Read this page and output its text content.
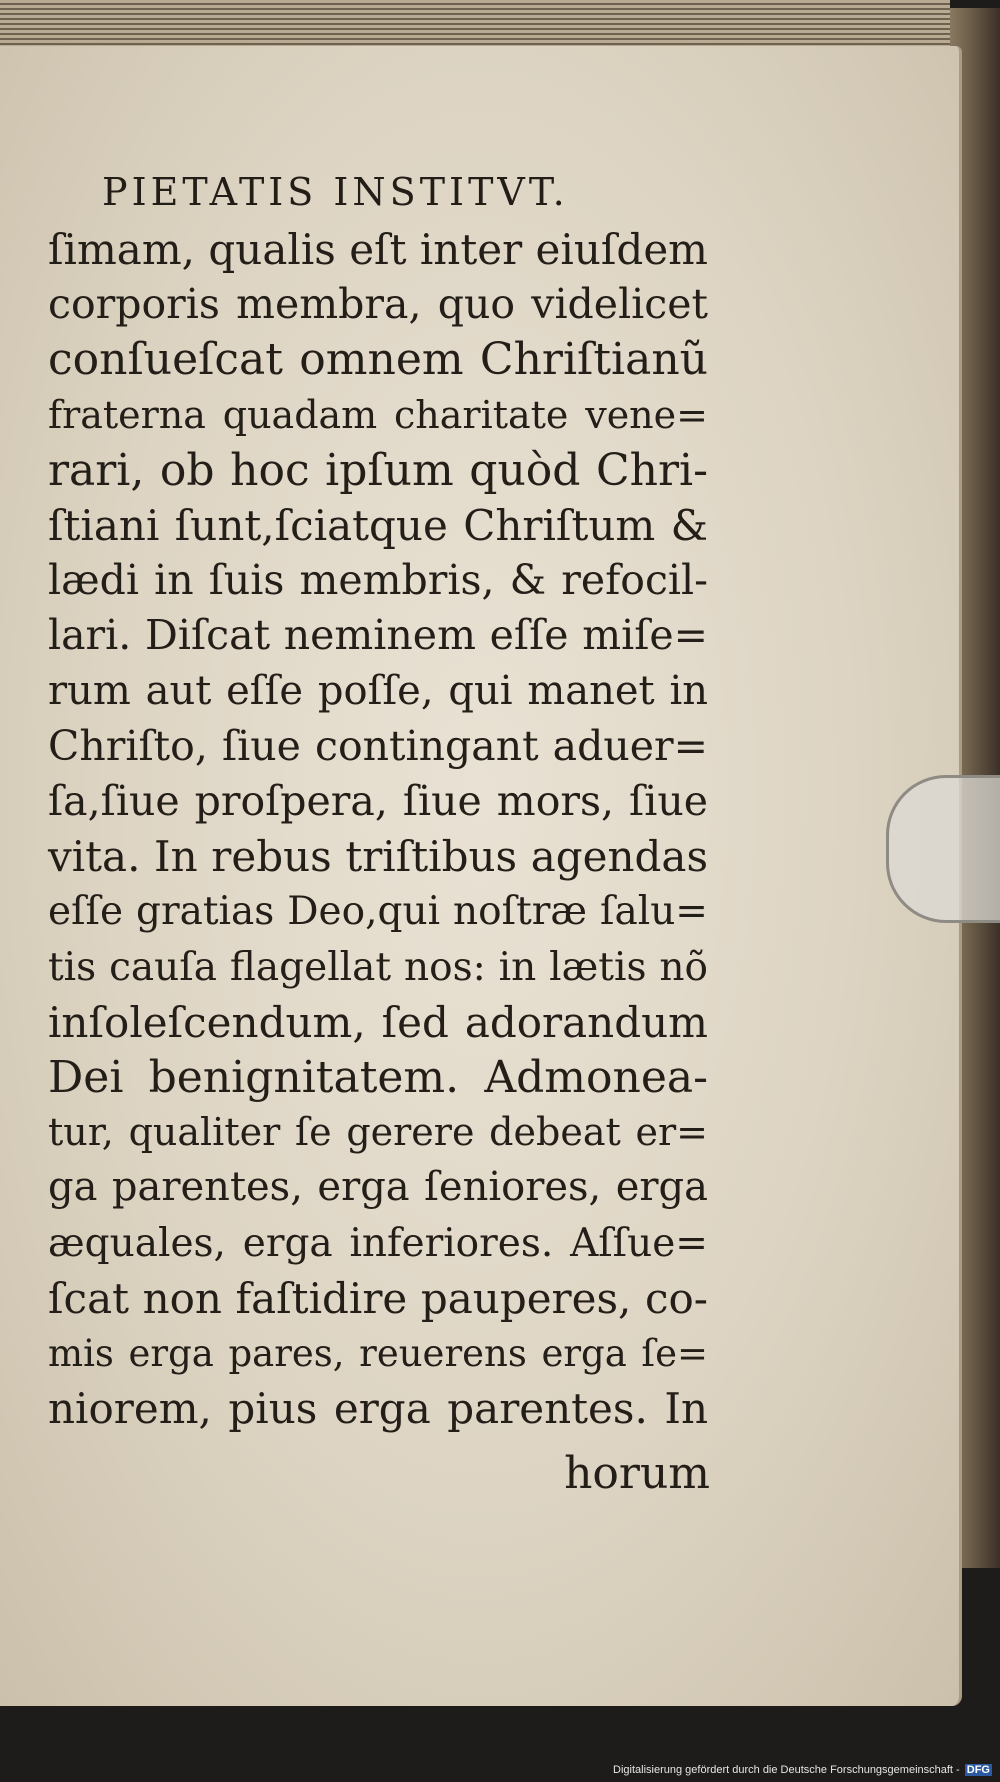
PIETATIS INSTITVT.
ſimam, qualis eſt inter eiuſdem
corporis membra, quo videlicet
conſueſcat omnem Chriſtianũ
fraterna quadam charitate vene=
rari, ob hoc ipſum quòd Chri-
ſtiani ſunt,ſciatque Chriſtum &
lædi in ſuis membris, & refocil-
lari. Diſcat neminem eſſe miſe=
rum aut eſſe poſſe, qui manet in
Chriſto, ſiue contingant aduer=
ſa,ſiue proſpera, ſiue mors, ſiue
vita. In rebus triſtibus agendas
eſſe gratias Deo,qui noſtræ ſalu=
tis cauſa flagellat nos: in lætis nõ
inſoleſcendum, ſed adorandum
Dei benignitatem. Admonea-
tur, qualiter ſe gerere debeat er=
ga parentes, erga ſeniores, erga
æquales, erga inferiores. Aſſue=
ſcat non faſtidire pauperes, co-
mis erga pares, reuerens erga ſe=
niorem, pius erga parentes. In
horum
Digitalisierung gefördert durch die Deutsche Forschungsgemeinschaft - DFG
